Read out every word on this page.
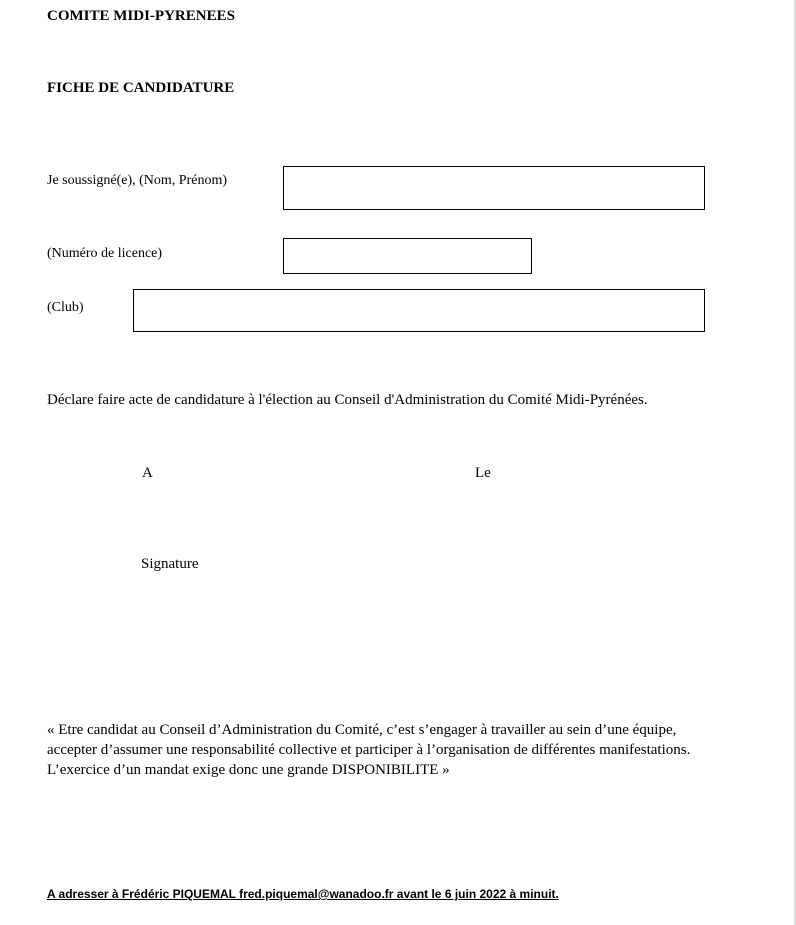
COMITE MIDI-PYRENEES
FICHE DE CANDIDATURE
Je soussigné(e), (Nom, Prénom)
(Numéro de licence)
(Club)
Déclare faire acte de candidature à l'élection au Conseil d'Administration du Comité Midi-Pyrénées.
A	Le
Signature
« Etre candidat au Conseil d’Administration du Comité, c’est s’engager à travailler au sein d’une équipe,
accepter d’assumer une responsabilité collective et participer à l’organisation de différentes manifestations.
L’exercice d’un mandat exige donc une grande DISPONIBILITE »
A adresser à Frédéric PIQUEMAL fred.piquemal@wanadoo.fr avant le 6 juin 2022 à minuit.
